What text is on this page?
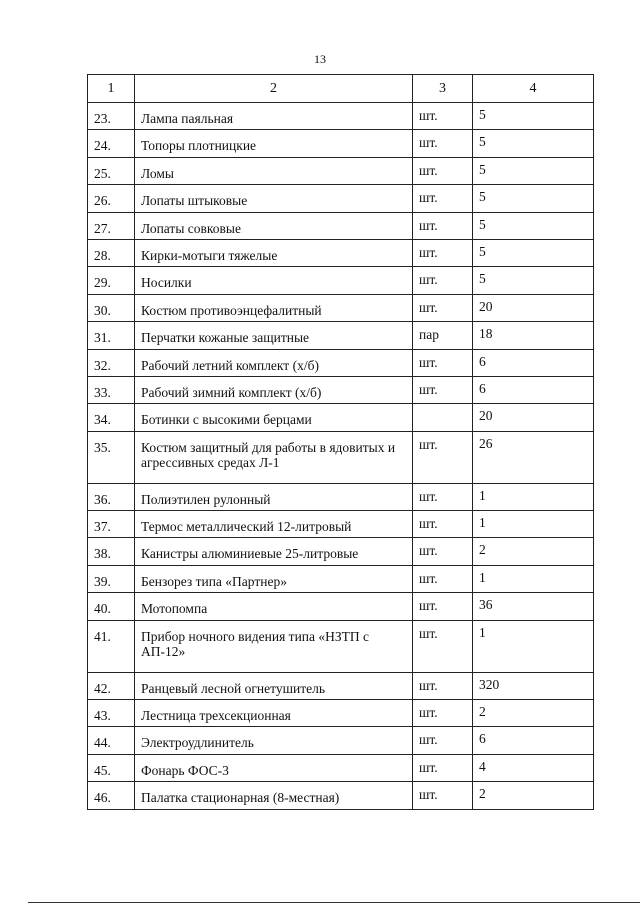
13
1	2	3	4
23.	Лампа паяльная	шт.	5
24.	Топоры плотницкие	шт.	5
25.	Ломы	шт.	5
26.	Лопаты штыковые	шт.	5
27.	Лопаты совковые	шт.	5
28.	Кирки-мотыги тяжелые	шт.	5
29.	Носилки	шт.	5
30.	Костюм противоэнцефалитный	шт.	20
31.	Перчатки кожаные защитные	пар	18
32.	Рабочий летний комплект (х/б)	шт.	6
33.	Рабочий зимний комплект (х/б)	шт.	6
34.	Ботинки с высокими берцами		20
35.	Костюм защитный для работы в ядовитых и агрессивных средах Л-1	шт.	26
36.	Полиэтилен рулонный	шт.	1
37.	Термос металлический 12-литровый	шт.	1
38.	Канистры алюминиевые 25-литровые	шт.	2
39.	Бензорез типа «Партнер»	шт.	1
40.	Мотопомпа	шт.	36
41.	Прибор ночного видения типа «НЗТП с АП-12»	шт.	1
42.	Ранцевый лесной огнетушитель	шт.	320
43.	Лестница трехсекционная	шт.	2
44.	Электроудлинитель	шт.	6
45.	Фонарь ФОС-3	шт.	4
46.	Палатка стационарная (8-местная)	шт.	2
